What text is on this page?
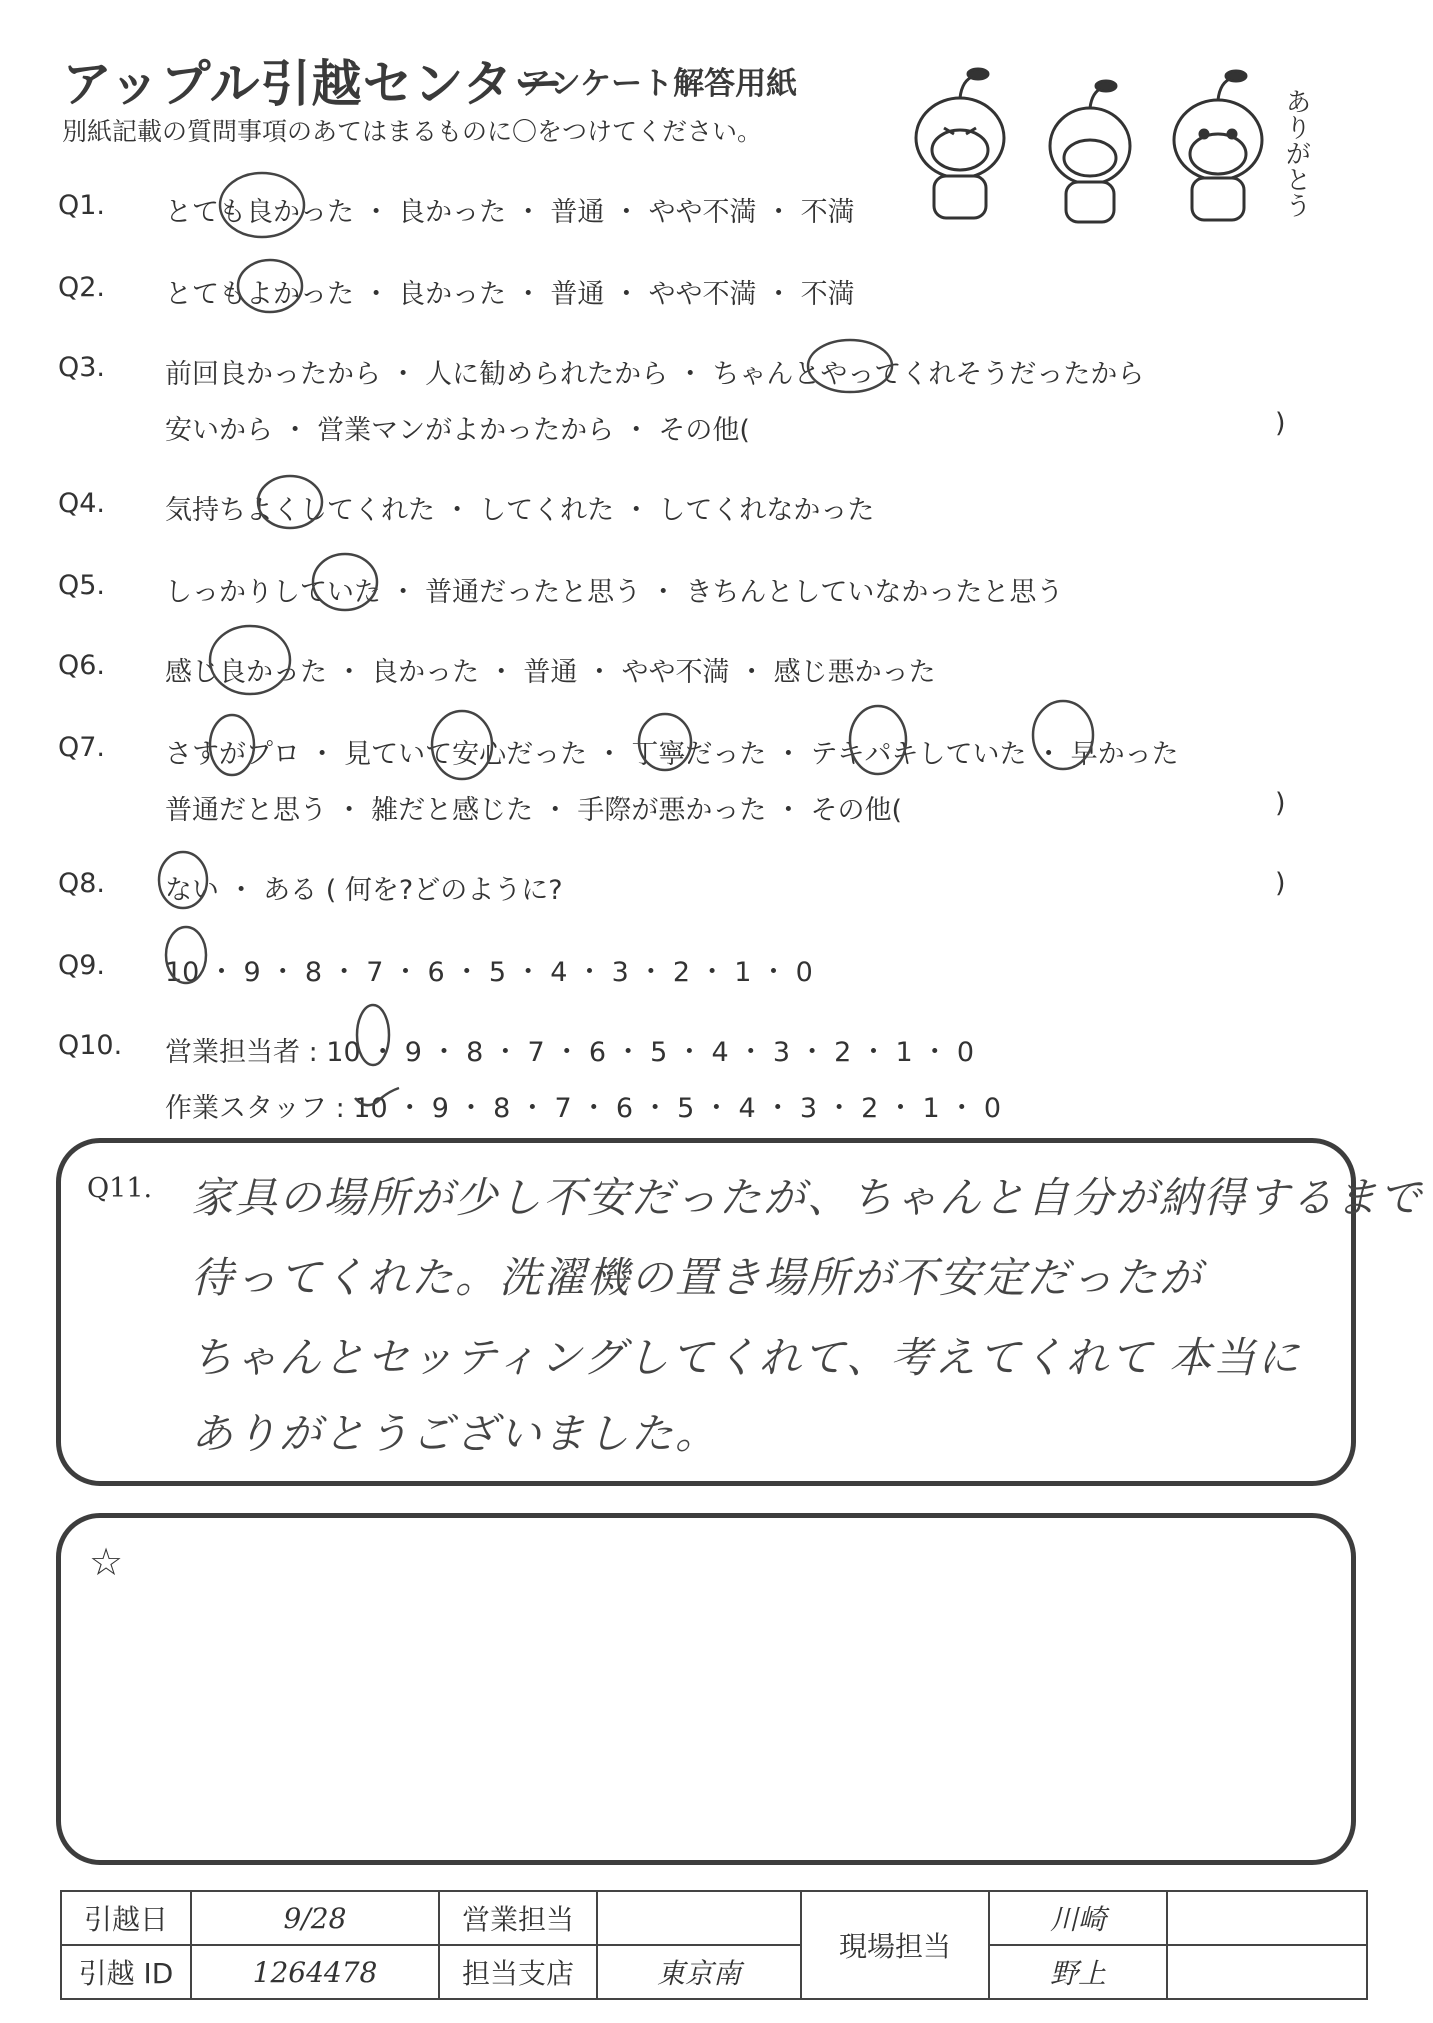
アップル引越センター
アンケート解答用紙
別紙記載の質問事項のあてはまるものに〇をつけてください。	ありがとう
Q1. とても良かった ・ 良かった ・ 普通 ・ やや不満 ・ 不満
Q2. とてもよかった ・ 良かった ・ 普通 ・ やや不満 ・ 不満
Q3. 前回良かったから ・ 人に勧められたから ・ ちゃんとやってくれそうだったから
安いから ・ 営業マンがよかったから ・ その他(	)
Q4. 気持ちよくしてくれた ・ してくれた ・ してくれなかった
Q5. しっかりしていた ・ 普通だったと思う ・ きちんとしていなかったと思う
Q6. 感じ良かった ・ 良かった ・ 普通 ・ やや不満 ・ 感じ悪かった
Q7. さすがプロ ・ 見ていて安心だった ・ 丁寧だった ・ テキパキしていた ・ 早かった
普通だと思う ・ 雑だと感じた ・ 手際が悪かった ・ その他(	)
Q8. ない ・ ある ( 何を?どのように?	)
Q9. 10 ・ 9 ・ 8 ・ 7 ・ 6 ・ 5 ・ 4 ・ 3 ・ 2 ・ 1 ・ 0
Q10. 営業担当者 : 10 ・ 9 ・ 8 ・ 7 ・ 6 ・ 5 ・ 4 ・ 3 ・ 2 ・ 1 ・ 0
作業スタッフ : 10 ・ 9 ・ 8 ・ 7 ・ 6 ・ 5 ・ 4 ・ 3 ・ 2 ・ 1 ・ 0
Q11. 家具の場所が少し不安だったが、ちゃんと自分が納得するまで
待ってくれた。洗濯機の置き場所が不安定だったが
ちゃんとセッティングしてくれて、考えてくれて 本当に
ありがとうございました。
☆
引越日	9/28	営業担当		現場担当	川崎	
引越 ID	1264478	担当支店	東京南		野上	
